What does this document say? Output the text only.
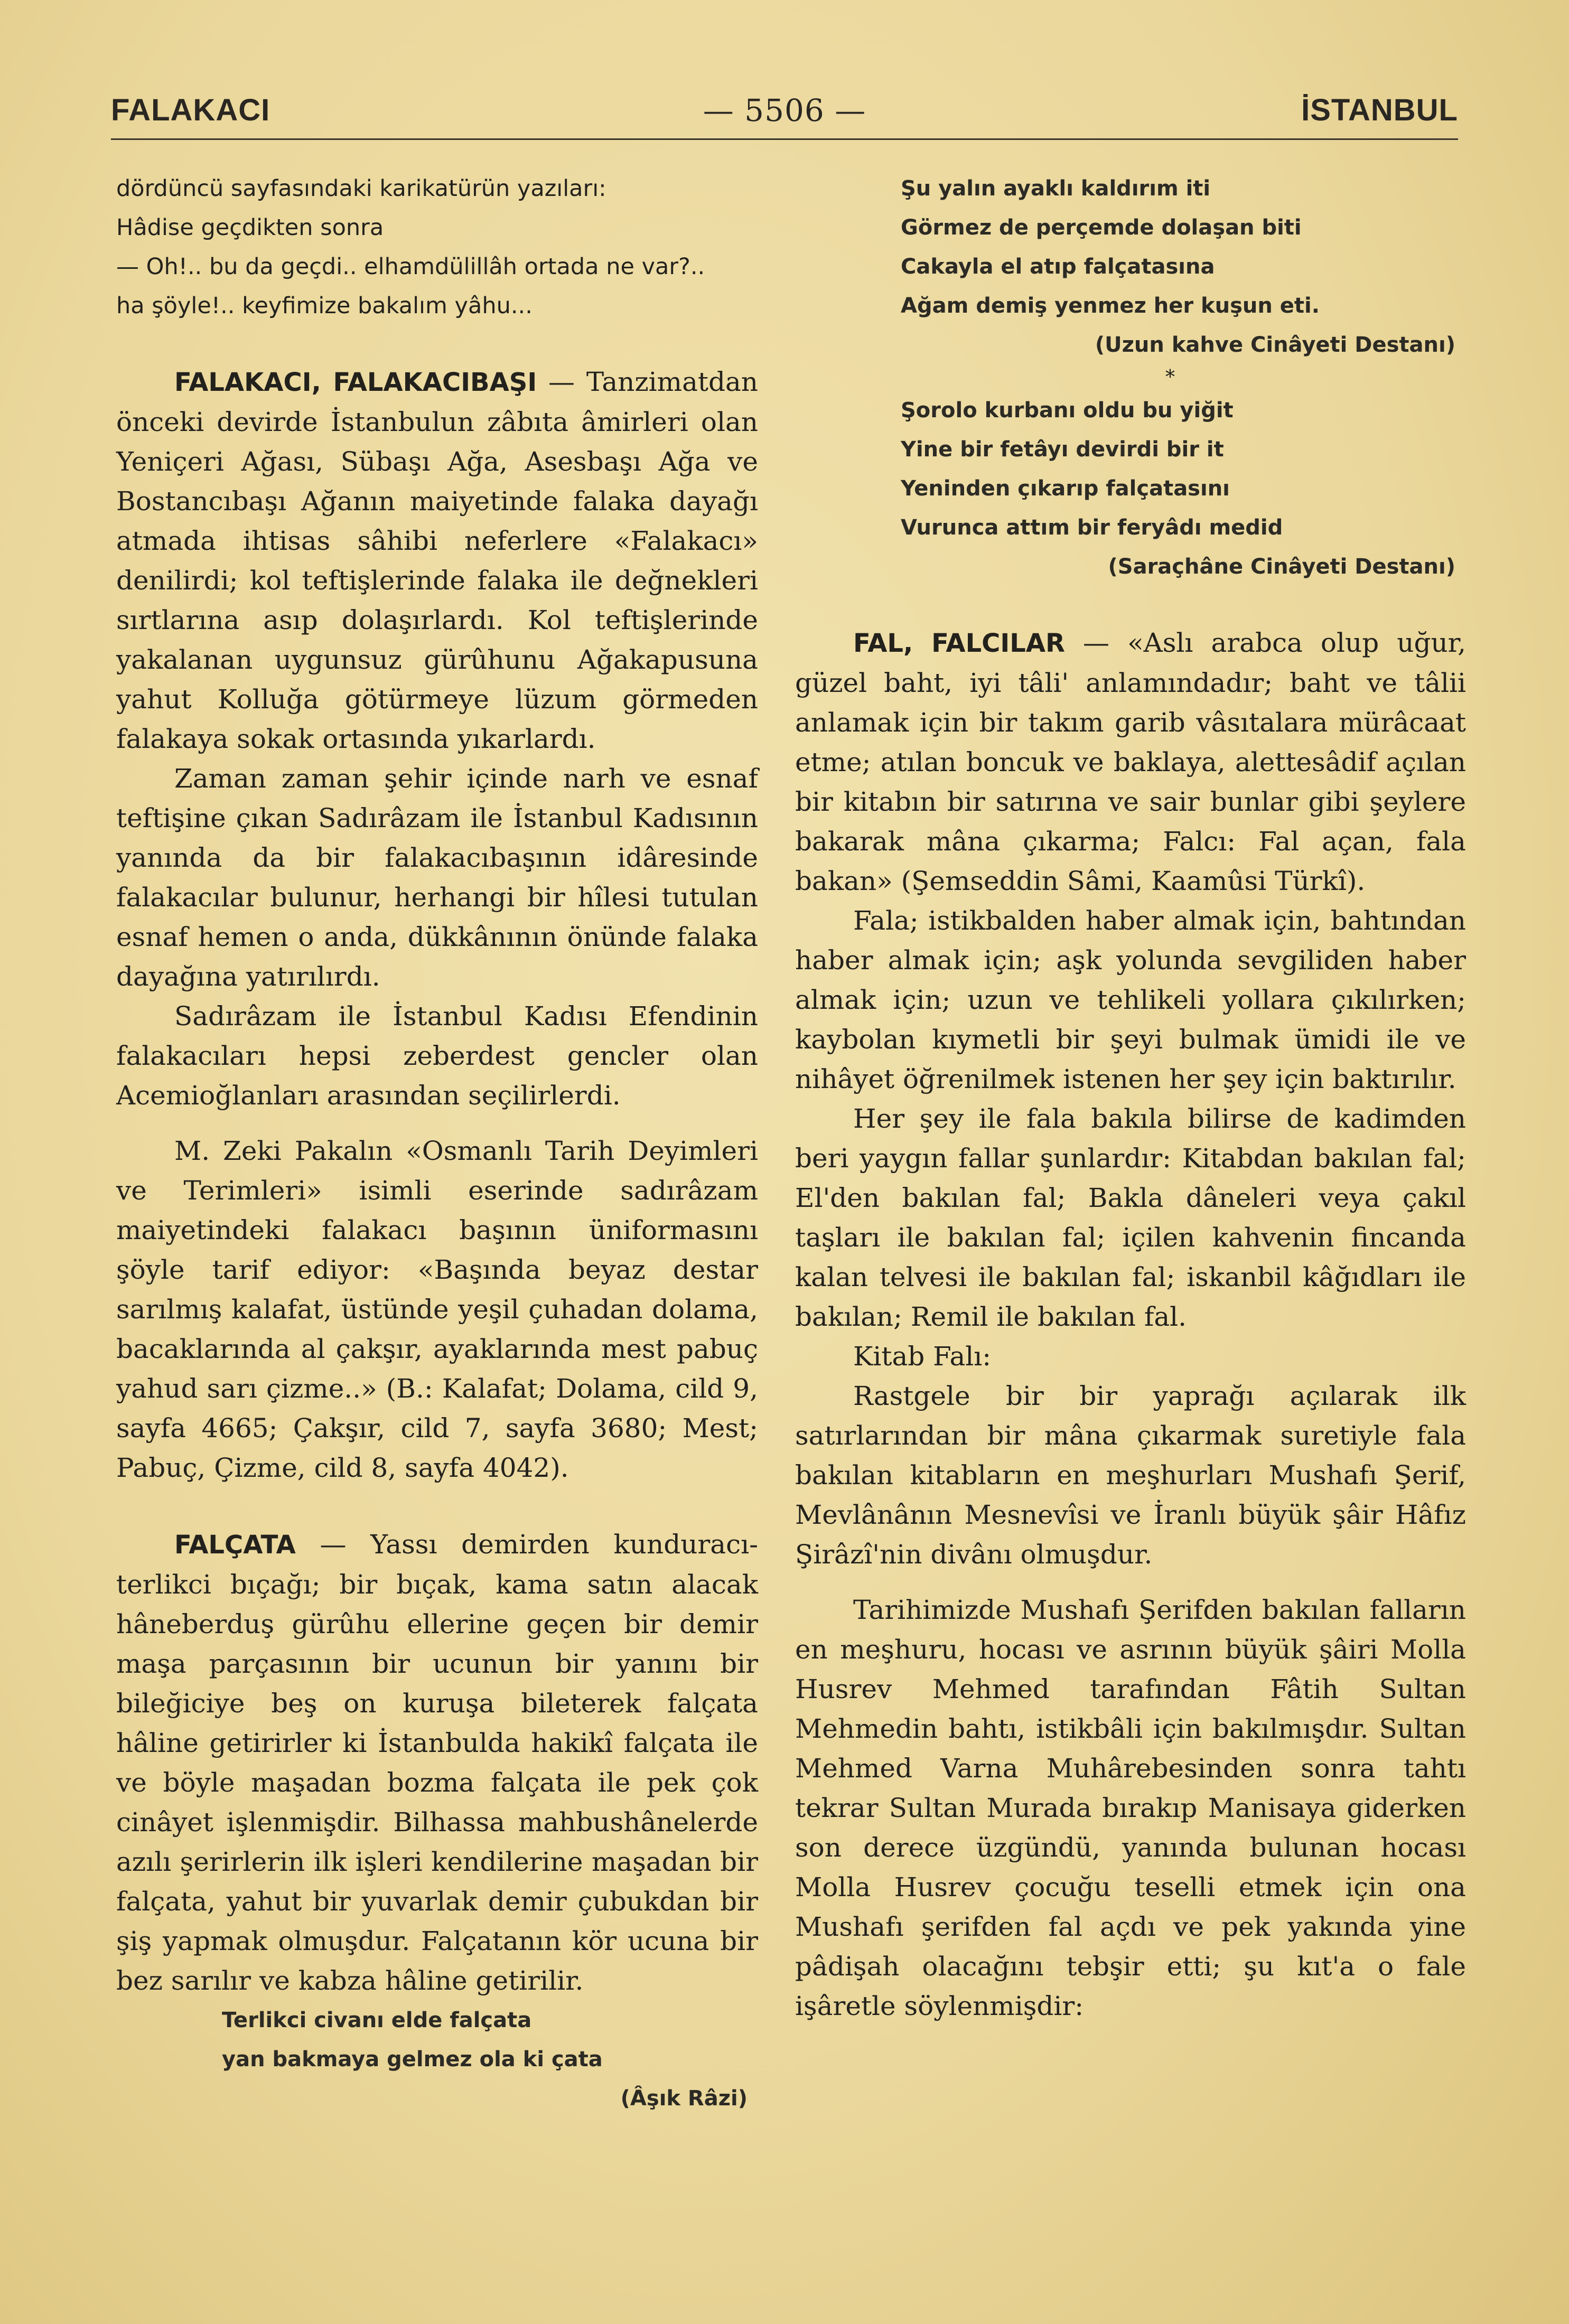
FALAKACI	— 5506 —	İSTANBUL

dördüncü sayfasındaki karikatürün yazıları:

Hâdise geçdikten sonra

— Oh!.. bu da geçdi.. elhamdülillâh ortada ne var?..

ha şöyle!.. keyfimize bakalım yâhu...

FALAKACI, FALAKACIBAŞI — Tanzimatdan önceki devirde İstanbulun zâbıta âmirleri olan Yeniçeri Ağası, Sübaşı Ağa, Asesbaşı Ağa ve Bostancıbaşı Ağanın maiyetinde falaka dayağı atmada ihtisas sâhibi neferlere «Falakacı» denilirdi; kol teftişlerinde falaka ile değnekleri sırtlarına asıp dolaşırlardı. Kol teftişlerinde yakalanan uygunsuz gürûhunu Ağakapusuna yahut Kolluğa götürmeye lüzum görmeden falakaya sokak ortasında yıkarlardı.

Zaman zaman şehir içinde narh ve esnaf teftişine çıkan Sadırâzam ile İstanbul Kadısının yanında da bir falakacıbaşının idâresinde falakacılar bulunur, herhangi bir hîlesi tutulan esnaf hemen o anda, dükkânının önünde falaka dayağına yatırılırdı.

Sadırâzam ile İstanbul Kadısı Efendinin falakacıları hepsi zeberdest gencler olan Acemioğlanları arasından seçilirlerdi.

M. Zeki Pakalın «Osmanlı Tarih Deyimleri ve Terimleri» isimli eserinde sadırâzam maiyetindeki falakacı başının üniformasını şöyle tarif ediyor: «Başında beyaz destar sarılmış kalafat, üstünde yeşil çuhadan dolama, bacaklarında al çakşır, ayaklarında mest pabuç yahud sarı çizme..» (B.: Kalafat; Dolama, cild 9, sayfa 4665; Çakşır, cild 7, sayfa 3680; Mest; Pabuç, Çizme, cild 8, sayfa 4042).

FALÇATA — Yassı demirden kunduracı-terlikci bıçağı; bir bıçak, kama satın alacak hâneberduş gürûhu ellerine geçen bir demir maşa parçasının bir ucunun bir yanını bir bileğiciye beş on kuruşa bileterek falçata hâline getirirler ki İstanbulda hakikî falçata ile ve böyle maşadan bozma falçata ile pek çok cinâyet işlenmişdir. Bilhassa mahbushânelerde azılı şerirlerin ilk işleri kendilerine maşadan bir falçata, yahut bir yuvarlak demir çubukdan bir şiş yapmak olmuşdur. Falçatanın kör ucuna bir bez sarılır ve kabza hâline getirilir.

Terlikci civanı elde falçata

yan bakmaya gelmez ola ki çata

(Âşık Râzi)

Şu yalın ayaklı kaldırım iti

Görmez de perçemde dolaşan biti

Cakayla el atıp falçatasına

Ağam demiş yenmez her kuşun eti.

(Uzun kahve Cinâyeti Destanı)

*

Şorolo kurbanı oldu bu yiğit

Yine bir fetâyı devirdi bir it

Yeninden çıkarıp falçatasını

Vurunca attım bir feryâdı medid

(Saraçhâne Cinâyeti Destanı)

FAL, FALCILAR — «Aslı arabca olup uğur, güzel baht, iyi tâli' anlamındadır; baht ve tâlii anlamak için bir takım garib vâsıtalara mürâcaat etme; atılan boncuk ve baklaya, alettesâdif açılan bir kitabın bir satırına ve sair bunlar gibi şeylere bakarak mâna çıkarma; Falcı: Fal açan, fala bakan» (Şemseddin Sâmi, Kaamûsi Türkî).

Fala; istikbalden haber almak için, bahtından haber almak için; aşk yolunda sevgiliden haber almak için; uzun ve tehlikeli yollara çıkılırken; kaybolan kıymetli bir şeyi bulmak ümidi ile ve nihâyet öğrenilmek istenen her şey için baktırılır.

Her şey ile fala bakıla bilirse de kadimden beri yaygın fallar şunlardır: Kitabdan bakılan fal; El'den bakılan fal; Bakla dâneleri veya çakıl taşları ile bakılan fal; içilen kahvenin fincanda kalan telvesi ile bakılan fal; iskanbil kâğıdları ile bakılan; Remil ile bakılan fal.

Kitab Falı:

Rastgele bir bir yaprağı açılarak ilk satırlarından bir mâna çıkarmak suretiyle fala bakılan kitabların en meşhurları Mushafı Şerif, Mevlânânın Mesnevîsi ve İranlı büyük şâir Hâfız Şirâzî'nin divânı olmuşdur.

Tarihimizde Mushafı Şerifden bakılan falların en meşhuru, hocası ve asrının büyük şâiri Molla Husrev Mehmed tarafından Fâtih Sultan Mehmedin bahtı, istikbâli için bakılmışdır. Sultan Mehmed Varna Muhârebesinden sonra tahtı tekrar Sultan Murada bırakıp Manisaya giderken son derece üzgündü, yanında bulunan hocası Molla Husrev çocuğu teselli etmek için ona Mushafı şerifden fal açdı ve pek yakında yine pâdişah olacağını tebşir etti; şu kıt'a o fale işâretle söylenmişdir:
